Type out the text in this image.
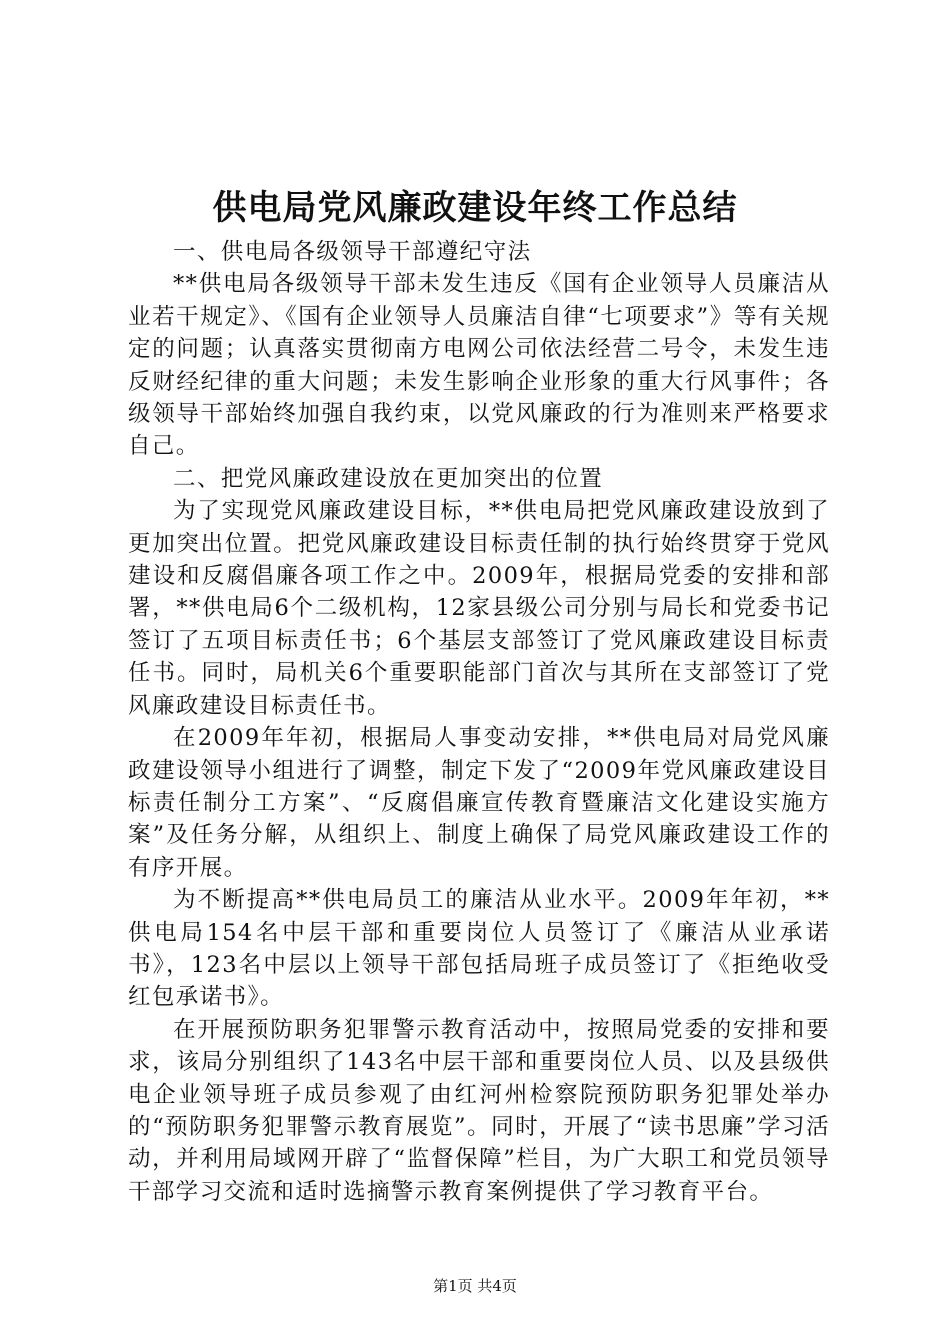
供电局党风廉政建设年终工作总结

一、供电局各级领导干部遵纪守法

**供电局各级领导干部未发生违反《国有企业领导人员廉洁从业若干规定》、《国有企业领导人员廉洁自律“七项要求”》等有关规定的问题；认真落实贯彻南方电网公司依法经营二号令，未发生违反财经纪律的重大问题；未发生影响企业形象的重大行风事件；各级领导干部始终加强自我约束，以党风廉政的行为准则来严格要求自己。

二、把党风廉政建设放在更加突出的位置

为了实现党风廉政建设目标，**供电局把党风廉政建设放到了更加突出位置。把党风廉政建设目标责任制的执行始终贯穿于党风建设和反腐倡廉各项工作之中。2009年，根据局党委的安排和部署，**供电局6个二级机构，12家县级公司分别与局长和党委书记签订了五项目标责任书；6个基层支部签订了党风廉政建设目标责任书。同时，局机关6个重要职能部门首次与其所在支部签订了党风廉政建设目标责任书。

在2009年年初，根据局人事变动安排，**供电局对局党风廉政建设领导小组进行了调整，制定下发了“2009年党风廉政建设目标责任制分工方案”、“反腐倡廉宣传教育暨廉洁文化建设实施方案”及任务分解，从组织上、制度上确保了局党风廉政建设工作的有序开展。

为不断提高**供电局员工的廉洁从业水平。2009年年初，**供电局154名中层干部和重要岗位人员签订了《廉洁从业承诺书》，123名中层以上领导干部包括局班子成员签订了《拒绝收受红包承诺书》。

在开展预防职务犯罪警示教育活动中，按照局党委的安排和要求，该局分别组织了143名中层干部和重要岗位人员、以及县级供电企业领导班子成员参观了由红河州检察院预防职务犯罪处举办的“预防职务犯罪警示教育展览”。同时，开展了“读书思廉”学习活动，并利用局域网开辟了“监督保障”栏目，为广大职工和党员领导干部学习交流和适时选摘警示教育案例提供了学习教育平台。

第1页 共4页
